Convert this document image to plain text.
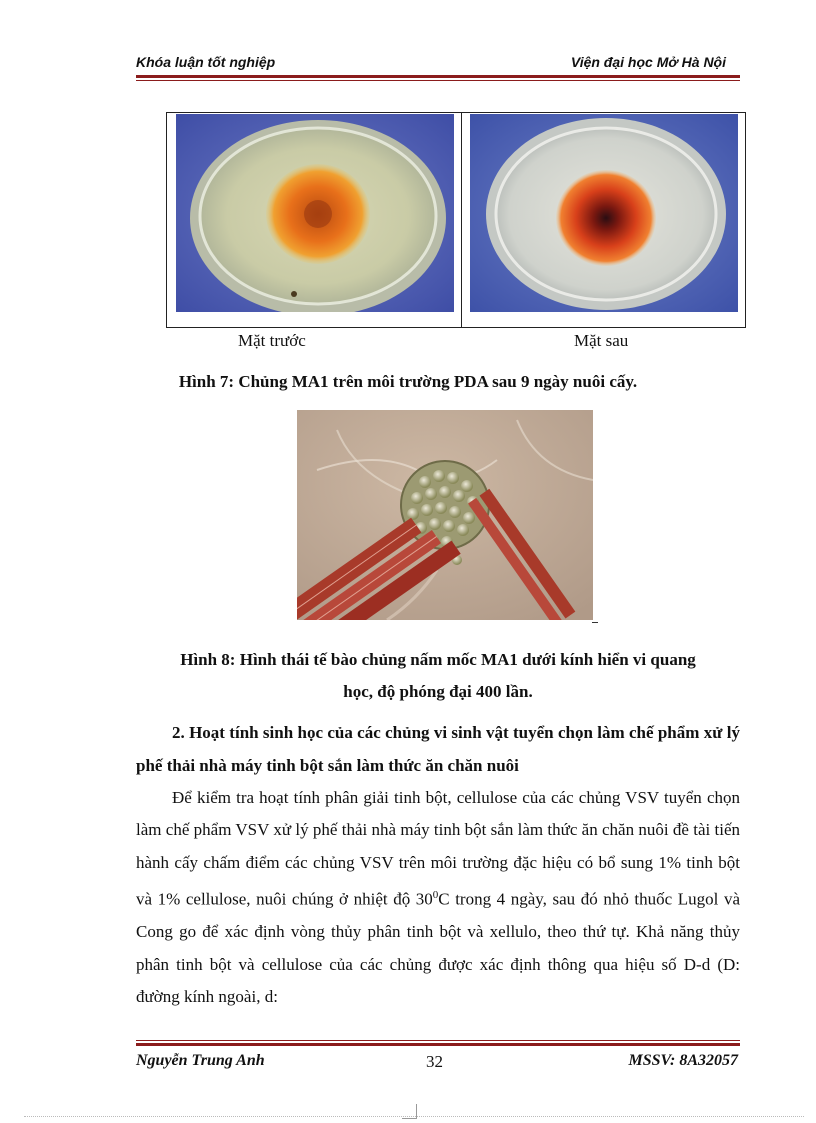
Khóa luận tốt nghiệp	Viện đại học Mở Hà Nội
Mặt trước	Mặt sau
Hình 7: Chủng MA1 trên môi trường PDA sau 9 ngày nuôi cấy.
Hình 8: Hình thái tế bào chủng nấm mốc MA1 dưới kính hiển vi quang
học, độ phóng đại 400 lần.
2. Hoạt tính sinh học của các chủng vi sinh vật tuyển chọn làm chế phẩm xử lý phế thải nhà máy tinh bột sắn làm thức ăn chăn nuôi
Để kiểm tra hoạt tính phân giải tinh bột, cellulose của các chủng VSV tuyển chọn làm chế phẩm VSV xử lý phế thải nhà máy tinh bột sắn làm thức ăn chăn nuôi đề tài tiến hành cấy chấm điểm các chủng VSV trên môi trường đặc hiệu có bổ sung 1% tinh bột và 1% cellulose, nuôi chúng ở nhiệt độ $30^0C$ trong 4 ngày, sau đó nhỏ thuốc Lugol và Cong go để xác định vòng thủy phân tinh bột và xellulo, theo thứ tự. Khả năng thủy phân tinh bột và cellulose của các chủng được xác định thông qua hiệu số D-d (D: đường kính ngoài, d:
Nguyễn Trung Anh	32	MSSV: 8A32057
